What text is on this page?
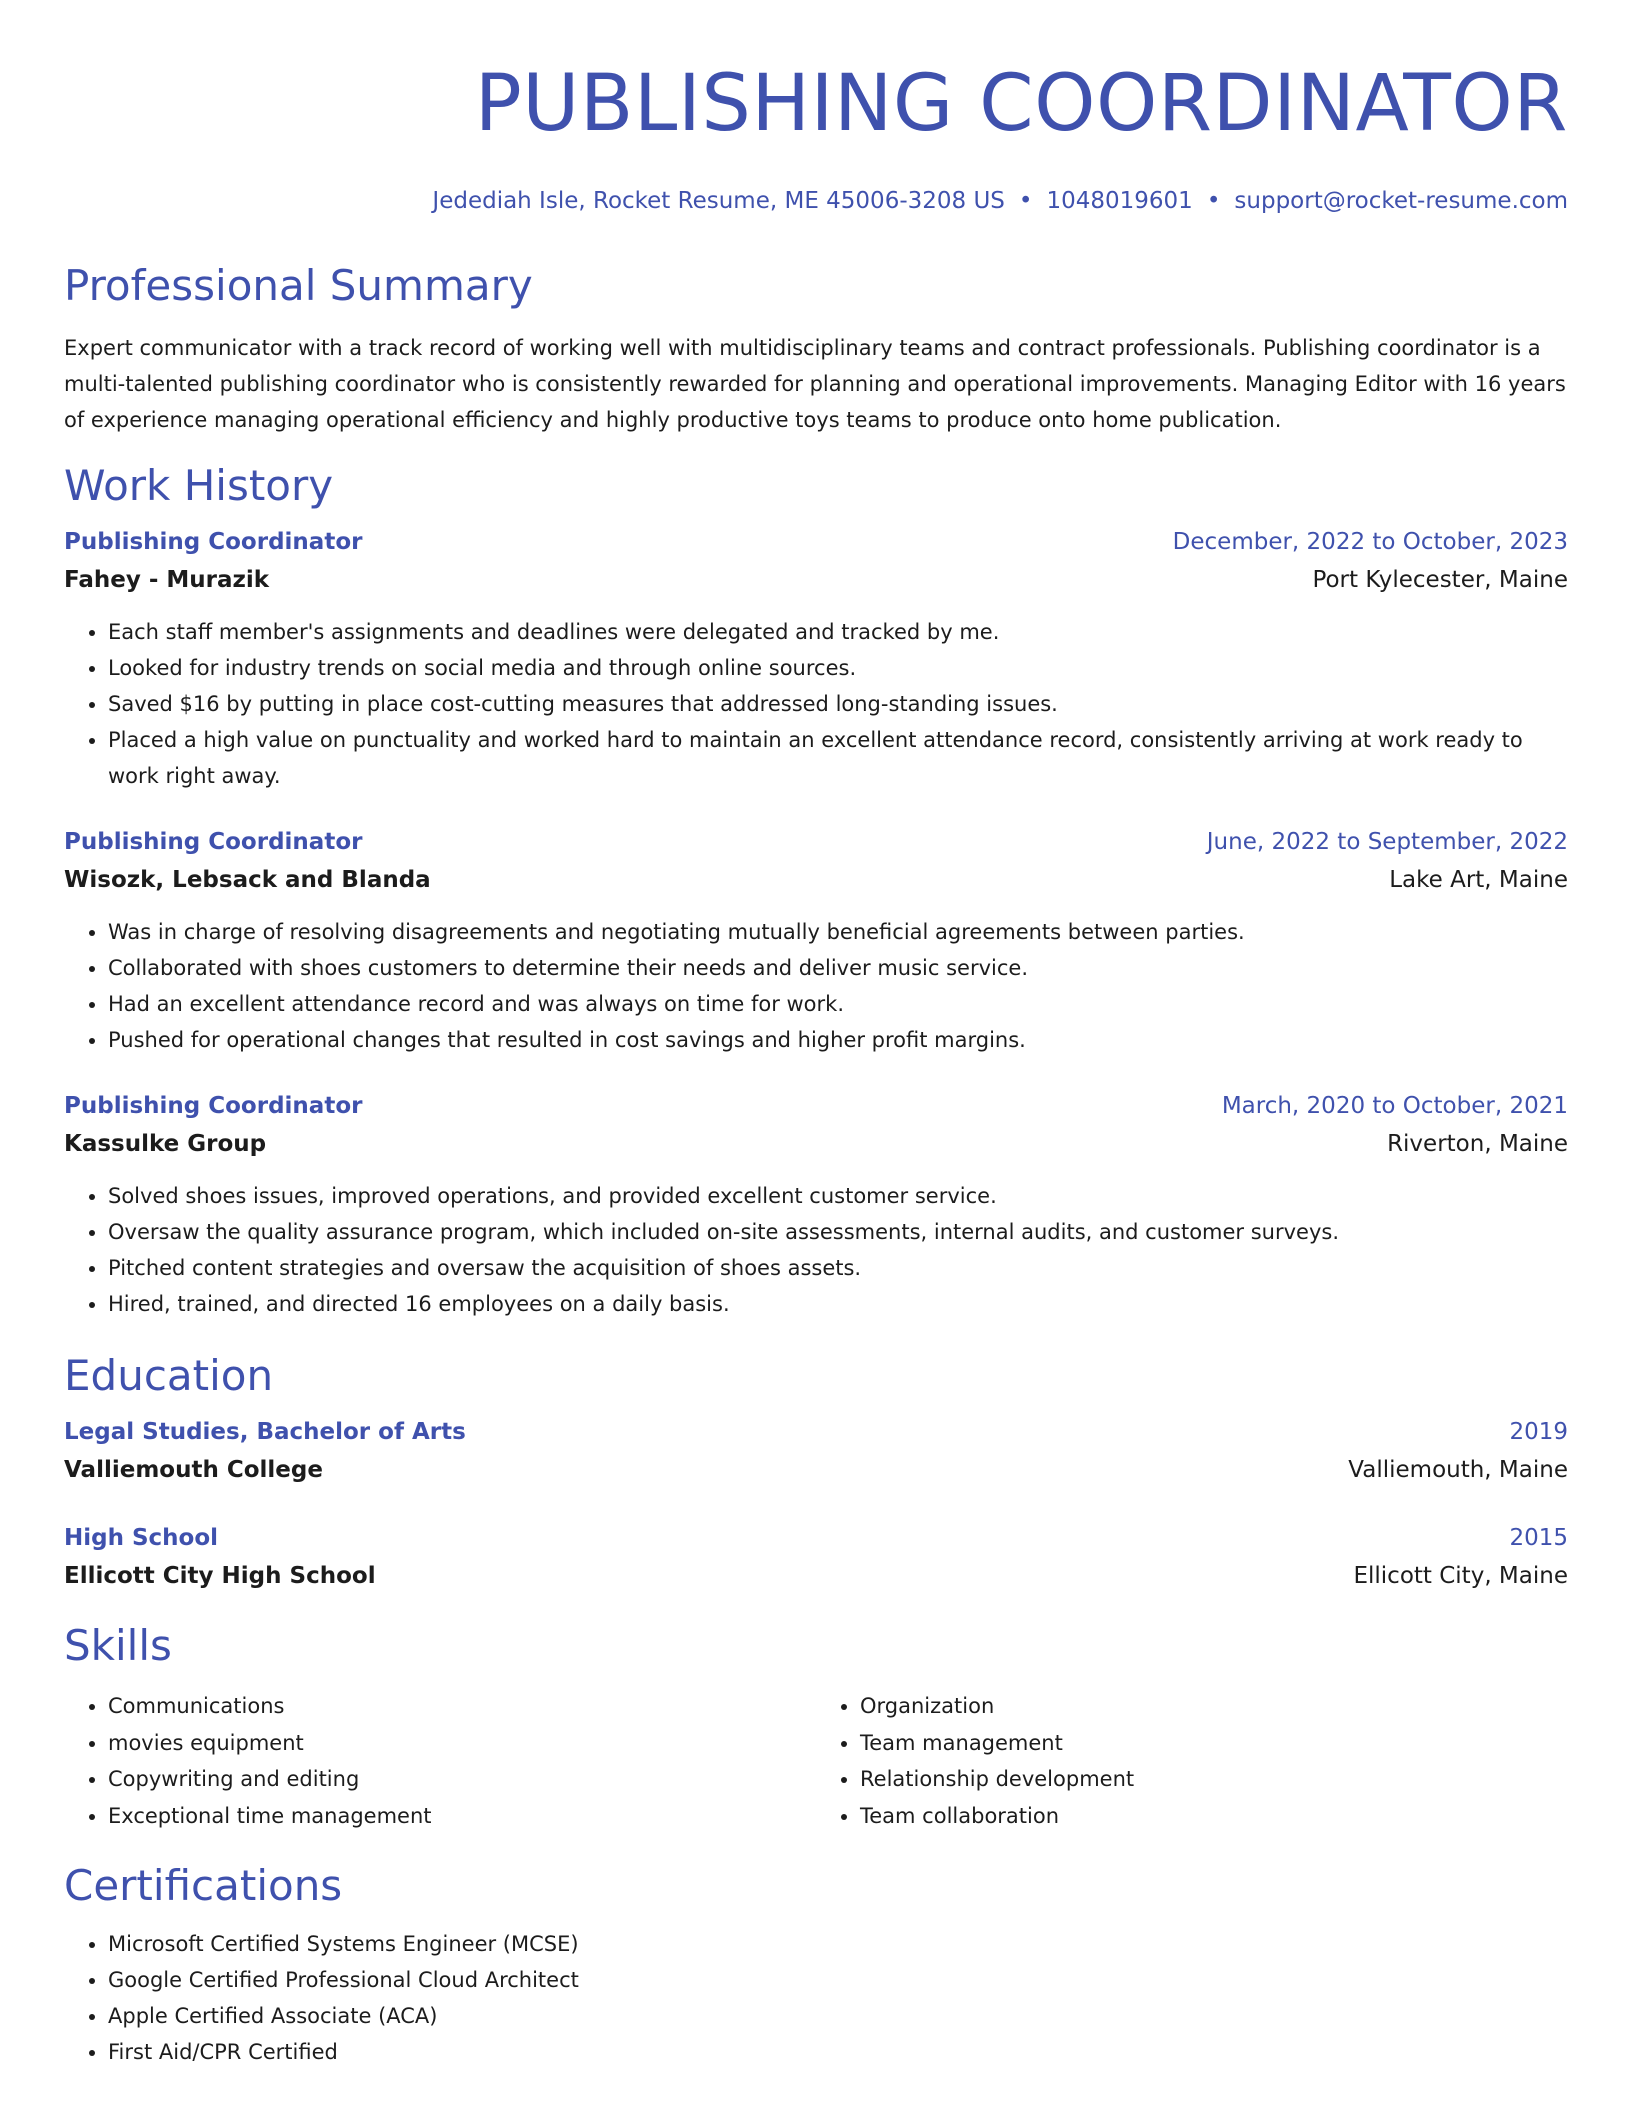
PUBLISHING COORDINATOR
Jedediah Isle, Rocket Resume, ME 45006-3208 US • 1048019601 • support@rocket-resume.com
Professional Summary

Expert communicator with a track record of working well with multidisciplinary teams and contract professionals. Publishing coordinator is a multi-talented publishing coordinator who is consistently rewarded for planning and operational improvements. Managing Editor with 16 years of experience managing operational efficiency and highly productive toys teams to produce onto home publication.

Work History
Publishing Coordinator	December, 2022 to October, 2023
Fahey - Murazik	Port Kylecester, Maine
• Each staff member's assignments and deadlines were delegated and tracked by me.
• Looked for industry trends on social media and through online sources.
• Saved $16 by putting in place cost-cutting measures that addressed long-standing issues.
• Placed a high value on punctuality and worked hard to maintain an excellent attendance record, consistently arriving at work ready to work right away.
Publishing Coordinator	June, 2022 to September, 2022
Wisozk, Lebsack and Blanda	Lake Art, Maine
• Was in charge of resolving disagreements and negotiating mutually beneficial agreements between parties.
• Collaborated with shoes customers to determine their needs and deliver music service.
• Had an excellent attendance record and was always on time for work.
• Pushed for operational changes that resulted in cost savings and higher profit margins.
Publishing Coordinator	March, 2020 to October, 2021
Kassulke Group	Riverton, Maine
• Solved shoes issues, improved operations, and provided excellent customer service.
• Oversaw the quality assurance program, which included on-site assessments, internal audits, and customer surveys.
• Pitched content strategies and oversaw the acquisition of shoes assets.
• Hired, trained, and directed 16 employees on a daily basis.
Education
Legal Studies, Bachelor of Arts	2019
Valliemouth College	Valliemouth, Maine
High School	2015
Ellicott City High School	Ellicott City, Maine
Skills
• Communications
• movies equipment
• Copywriting and editing
• Exceptional time management
• Organization
• Team management
• Relationship development
• Team collaboration
Certifications
• Microsoft Certified Systems Engineer (MCSE)
• Google Certified Professional Cloud Architect
• Apple Certified Associate (ACA)
• First Aid/CPR Certified
